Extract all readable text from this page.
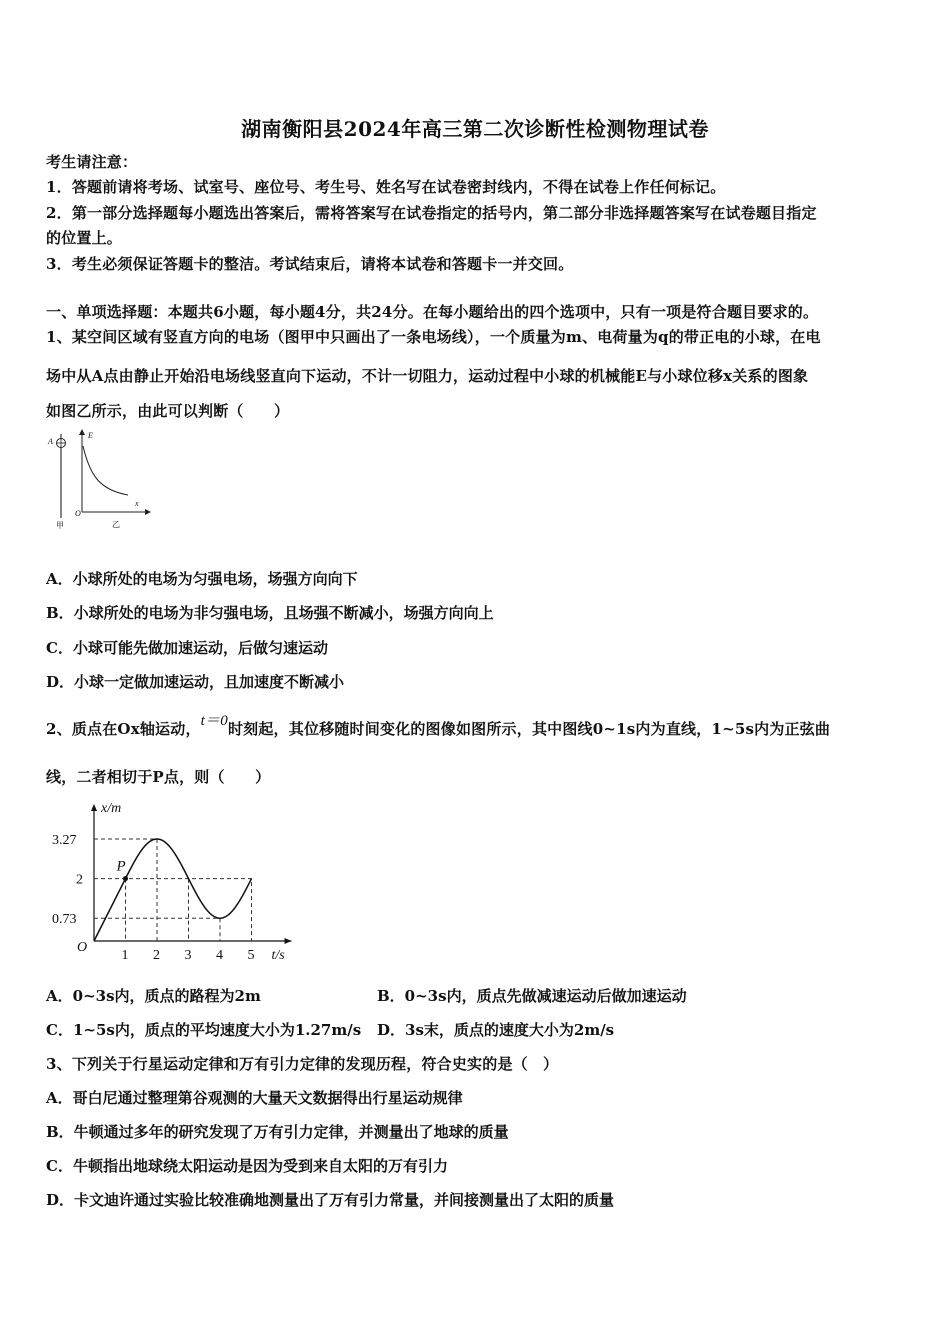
湖南衡阳县2024年高三第二次诊断性检测物理试卷
考生请注意：
1．答题前请将考场、试室号、座位号、考生号、姓名写在试卷密封线内，不得在试卷上作任何标记。
2．第一部分选择题每小题选出答案后，需将答案写在试卷指定的括号内，第二部分非选择题答案写在试卷题目指定
的位置上。
3．考生必须保证答题卡的整洁。考试结束后，请将本试卷和答题卡一并交回。
一、单项选择题：本题共6小题，每小题4分，共24分。在每小题给出的四个选项中，只有一项是符合题目要求的。
1、某空间区域有竖直方向的电场（图甲中只画出了一条电场线），一个质量为m、电荷量为q的带正电的小球，在电
场中从A点由静止开始沿电场线竖直向下运动，不计一切阻力，运动过程中小球的机械能E与小球位移x关系的图象
如图乙所示，由此可以判断（　　）
A
甲
E
O
x
乙
A．小球所处的电场为匀强电场，场强方向向下
B．小球所处的电场为非匀强电场，且场强不断减小，场强方向向上
C．小球可能先做加速运动，后做匀速运动
D．小球一定做加速运动，且加速度不断减小
2、质点在Ox轴运动，t＝0时刻起，其位移随时间变化的图像如图所示，其中图线0~1s内为直线，1~5s内为正弦曲
线，二者相切于P点，则（　　）
x/m
t/s
O
1 2 3 4 5
0.73
2
3.27
P
A．0~3s内，质点的路程为2m	B．0~3s内，质点先做减速运动后做加速运动
C．1~5s内，质点的平均速度大小为1.27m/s D．3s末，质点的速度大小为2m/s
3、下列关于行星运动定律和万有引力定律的发现历程，符合史实的是（　）
A．哥白尼通过整理第谷观测的大量天文数据得出行星运动规律
B．牛顿通过多年的研究发现了万有引力定律，并测量出了地球的质量
C．牛顿指出地球绕太阳运动是因为受到来自太阳的万有引力
D．卡文迪许通过实验比较准确地测量出了万有引力常量，并间接测量出了太阳的质量
